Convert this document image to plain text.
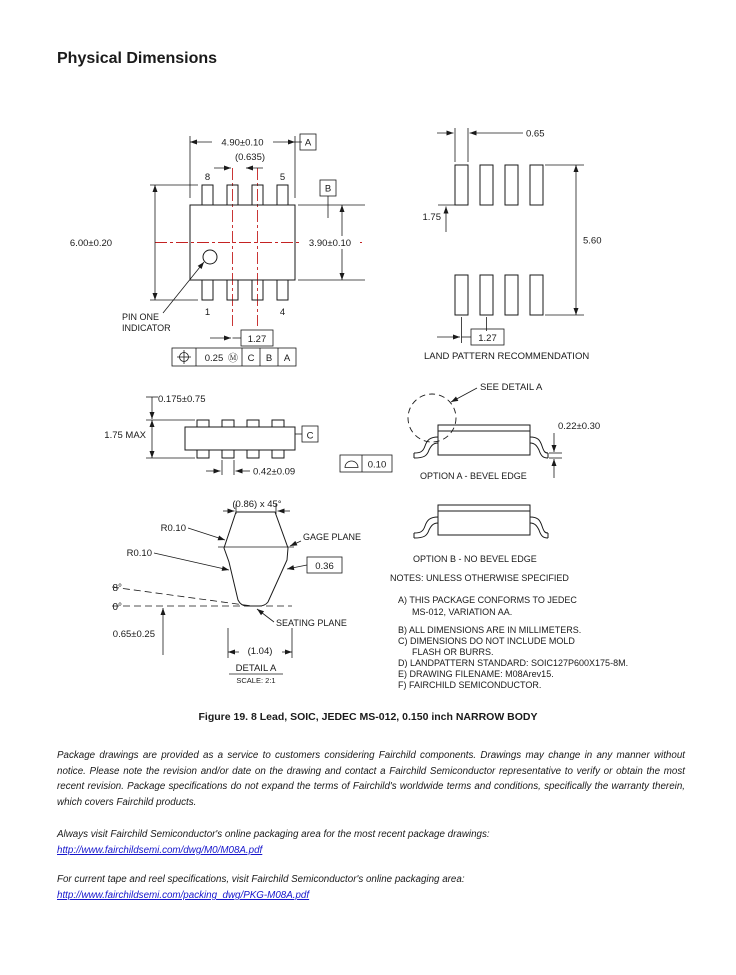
Physical Dimensions
4.90±0.10
(0.635)
A
B
6.00±0.20	3.90±0.10
8	5
1	4
PIN ONE
INDICATOR
1.27
0.25 Ⓜ C B A
0.65
1.75
5.60
1.27
LAND PATTERN RECOMMENDATION
0.175±0.75
1.75 MAX	C
0.42±0.09
SEE DETAIL A
0.22±0.30
0.10
OPTION A - BEVEL EDGE
OPTION B - NO BEVEL EDGE
(0.86) x 45°
GAGE PLANE
0.36
R0.10
R0.10
8°
0°
SEATING PLANE
0.65±0.25
(1.04)
DETAIL A
SCALE: 2:1
NOTES: UNLESS OTHERWISE SPECIFIED
A) THIS PACKAGE CONFORMS TO JEDEC
MS-012, VARIATION AA.
B) ALL DIMENSIONS ARE IN MILLIMETERS.
C) DIMENSIONS DO NOT INCLUDE MOLD
FLASH OR BURRS.
D) LANDPATTERN STANDARD: SOIC127P600X175-8M.
E) DRAWING FILENAME: M08Arev15.
F) FAIRCHILD SEMICONDUCTOR.
Figure 19. 8 Lead, SOIC, JEDEC MS-012, 0.150 inch NARROW BODY

Package drawings are provided as a service to customers considering Fairchild components. Drawings may change in any manner without notice. Please note the revision and/or date on the drawing and contact a Fairchild Semiconductor representative to verify or obtain the most recent revision. Package specifications do not expand the terms of Fairchild's worldwide terms and conditions, specifically the warranty therein, which covers Fairchild products.

Always visit Fairchild Semiconductor's online packaging area for the most recent package drawings:

http://www.fairchildsemi.com/dwg/M0/M08A.pdf

For current tape and reel specifications, visit Fairchild Semiconductor's online packaging area:

http://www.fairchildsemi.com/packing_dwg/PKG-M08A.pdf
